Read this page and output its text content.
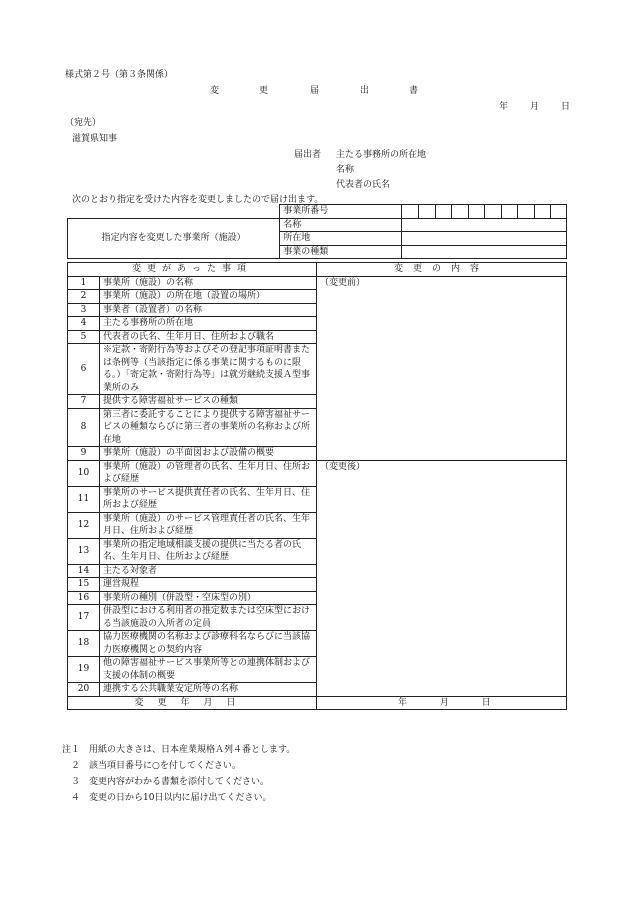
様式第２号（第３条関係）
変	更	届	出	書
年 月 日
（宛先）
滋賀県知事
届出者 主たる事務所の所在地
名称
代表者の氏名
次のとおり指定を受けた内容を変更しましたので届け出ます。

	事業所番号										

指定内容を変更した事業所（施設）	名称										
	所在地										
	事業の種類										
変更があった事項		変更の内容
1	事業所（施設）の名称	（変更前）
2	事業所（施設）の所在地（設置の場所）	
3	事業者（設置者）の名称	
4	主たる事務所の所在地	
5	代表者の氏名、生年月日、住所および職名	
6	※定款・寄附行為等およびその登記事項証明書または条例等（当該指定に係る事業に関するものに限る。）「寄定款・寄附行為等」は就労継続支援Ａ型事業所のみ	
7	提供する障害福祉サービスの種類	
8	第三者に委託することにより提供する障害福祉サービスの種類ならびに第三者の事業所の名称および所在地	
9	事業所（施設）の平面図および設備の概要	
10	事業所（施設）の管理者の氏名、生年月日、住所および経歴	（変更後）
11	事業所のサービス提供責任者の氏名、生年月日、住所および経歴	
12	事業所（施設）のサービス管理責任者の氏名、生年月日、住所および経歴	
13	事業所の指定地域相談支援の提供に当たる者の氏名、生年月日、住所および経歴	
14	主たる対象者	
15	運営規程	
16	事業所の種別（併設型・空床型の別）	
17	併設型における利用者の推定数または空床型における当該施設の入所者の定員	
18	協力医療機関の名称および診療科名ならびに当該協力医療機関との契約内容	
19	他の障害福祉サービス事業所等との連携体制および支援の体制の概要	
20	連携する公共職業安定所等の名称	
変更年月日		年 月 日
注１　用紙の大きさは、日本産業規格Ａ列４番とします。
　２　該当項目番号に○を付してください。
　３　変更内容がわかる書類を添付してください。
　４　変更の日から10日以内に届け出てください。
